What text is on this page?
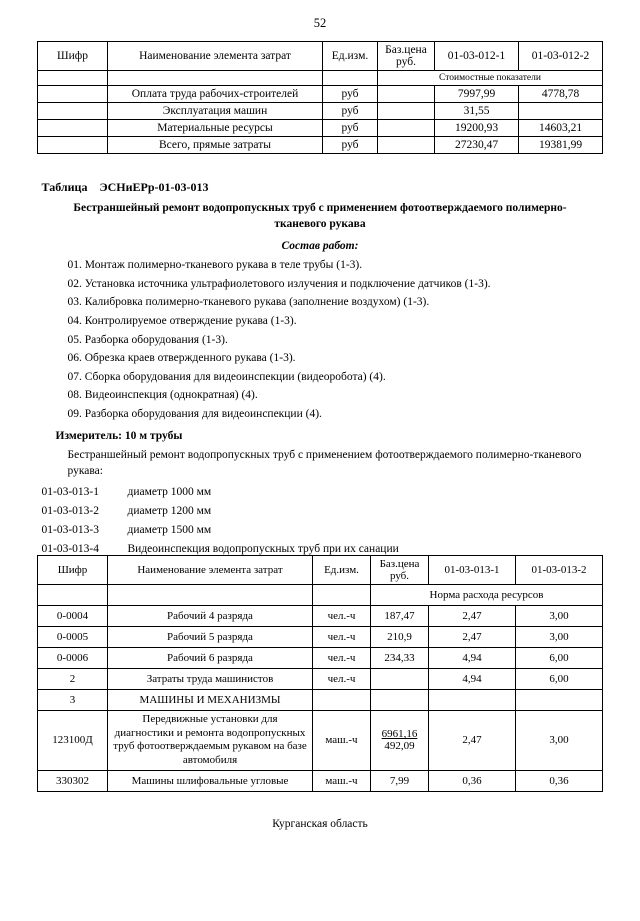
52
Шифр	Наименование элемента затрат	Ед.изм.	Баз.цена руб.	01-03-012-1	01-03-012-2
			Стоимостные показатели		
	Оплата труда рабочих-строителей	руб		7997,99	4778,78
	Эксплуатация машин	руб		31,55	
	Материальные ресурсы	руб		19200,93	14603,21
	Всего, прямые затраты	руб		27230,47	19381,99
Таблица ЭСНиЕРр-01-03-013
Бестраншейный ремонт водопропускных труб с применением фотоотверждаемого полимерно-тканевого рукава
Состав работ:
01. Монтаж полимерно-тканевого рукава в теле трубы (1-3).
02. Установка источника ультрафиолетового излучения и подключение датчиков (1-3).
03. Калибровка полимерно-тканевого рукава (заполнение воздухом) (1-3).
04. Контролируемое отверждение рукава (1-3).
05. Разборка оборудования (1-3).
06. Обрезка краев отвержденного рукава (1-3).
07. Сборка оборудования для видеоинспекции (видеоробота) (4).
08. Видеоинспекция (однократная) (4).
09. Разборка оборудования для видеоинспекции (4).
Измеритель: 10 м трубы
Бестраншейный ремонт водопропускных труб с применением фотоотверждаемого полимерно-тканевого рукава:
01-03-013-1 диаметр 1000 мм
01-03-013-2 диаметр 1200 мм
01-03-013-3 диаметр 1500 мм
01-03-013-4 Видеоинспекция водопропускных труб при их санации
Шифр	Наименование элемента затрат	Ед.изм.	Баз.цена руб.	01-03-013-1	01-03-013-2
			Норма расхода ресурсов		
0-0004	Рабочий 4 разряда	чел.-ч	187,47	2,47	3,00
0-0005	Рабочий 5 разряда	чел.-ч	210,9	2,47	3,00
0-0006	Рабочий 6 разряда	чел.-ч	234,33	4,94	6,00
2	Затраты труда машинистов	чел.-ч		4,94	6,00
3	МАШИНЫ И МЕХАНИЗМЫ				
123100Д	Передвижные установки для диагностики и ремонта водопропускных труб фотоотверждаемым рукавом на базе автомобиля	маш.-ч	6961,16
492,09	2,47	3,00
330302	Машины шлифовальные угловые	маш.-ч	7,99	0,36	0,36
Курганская область
